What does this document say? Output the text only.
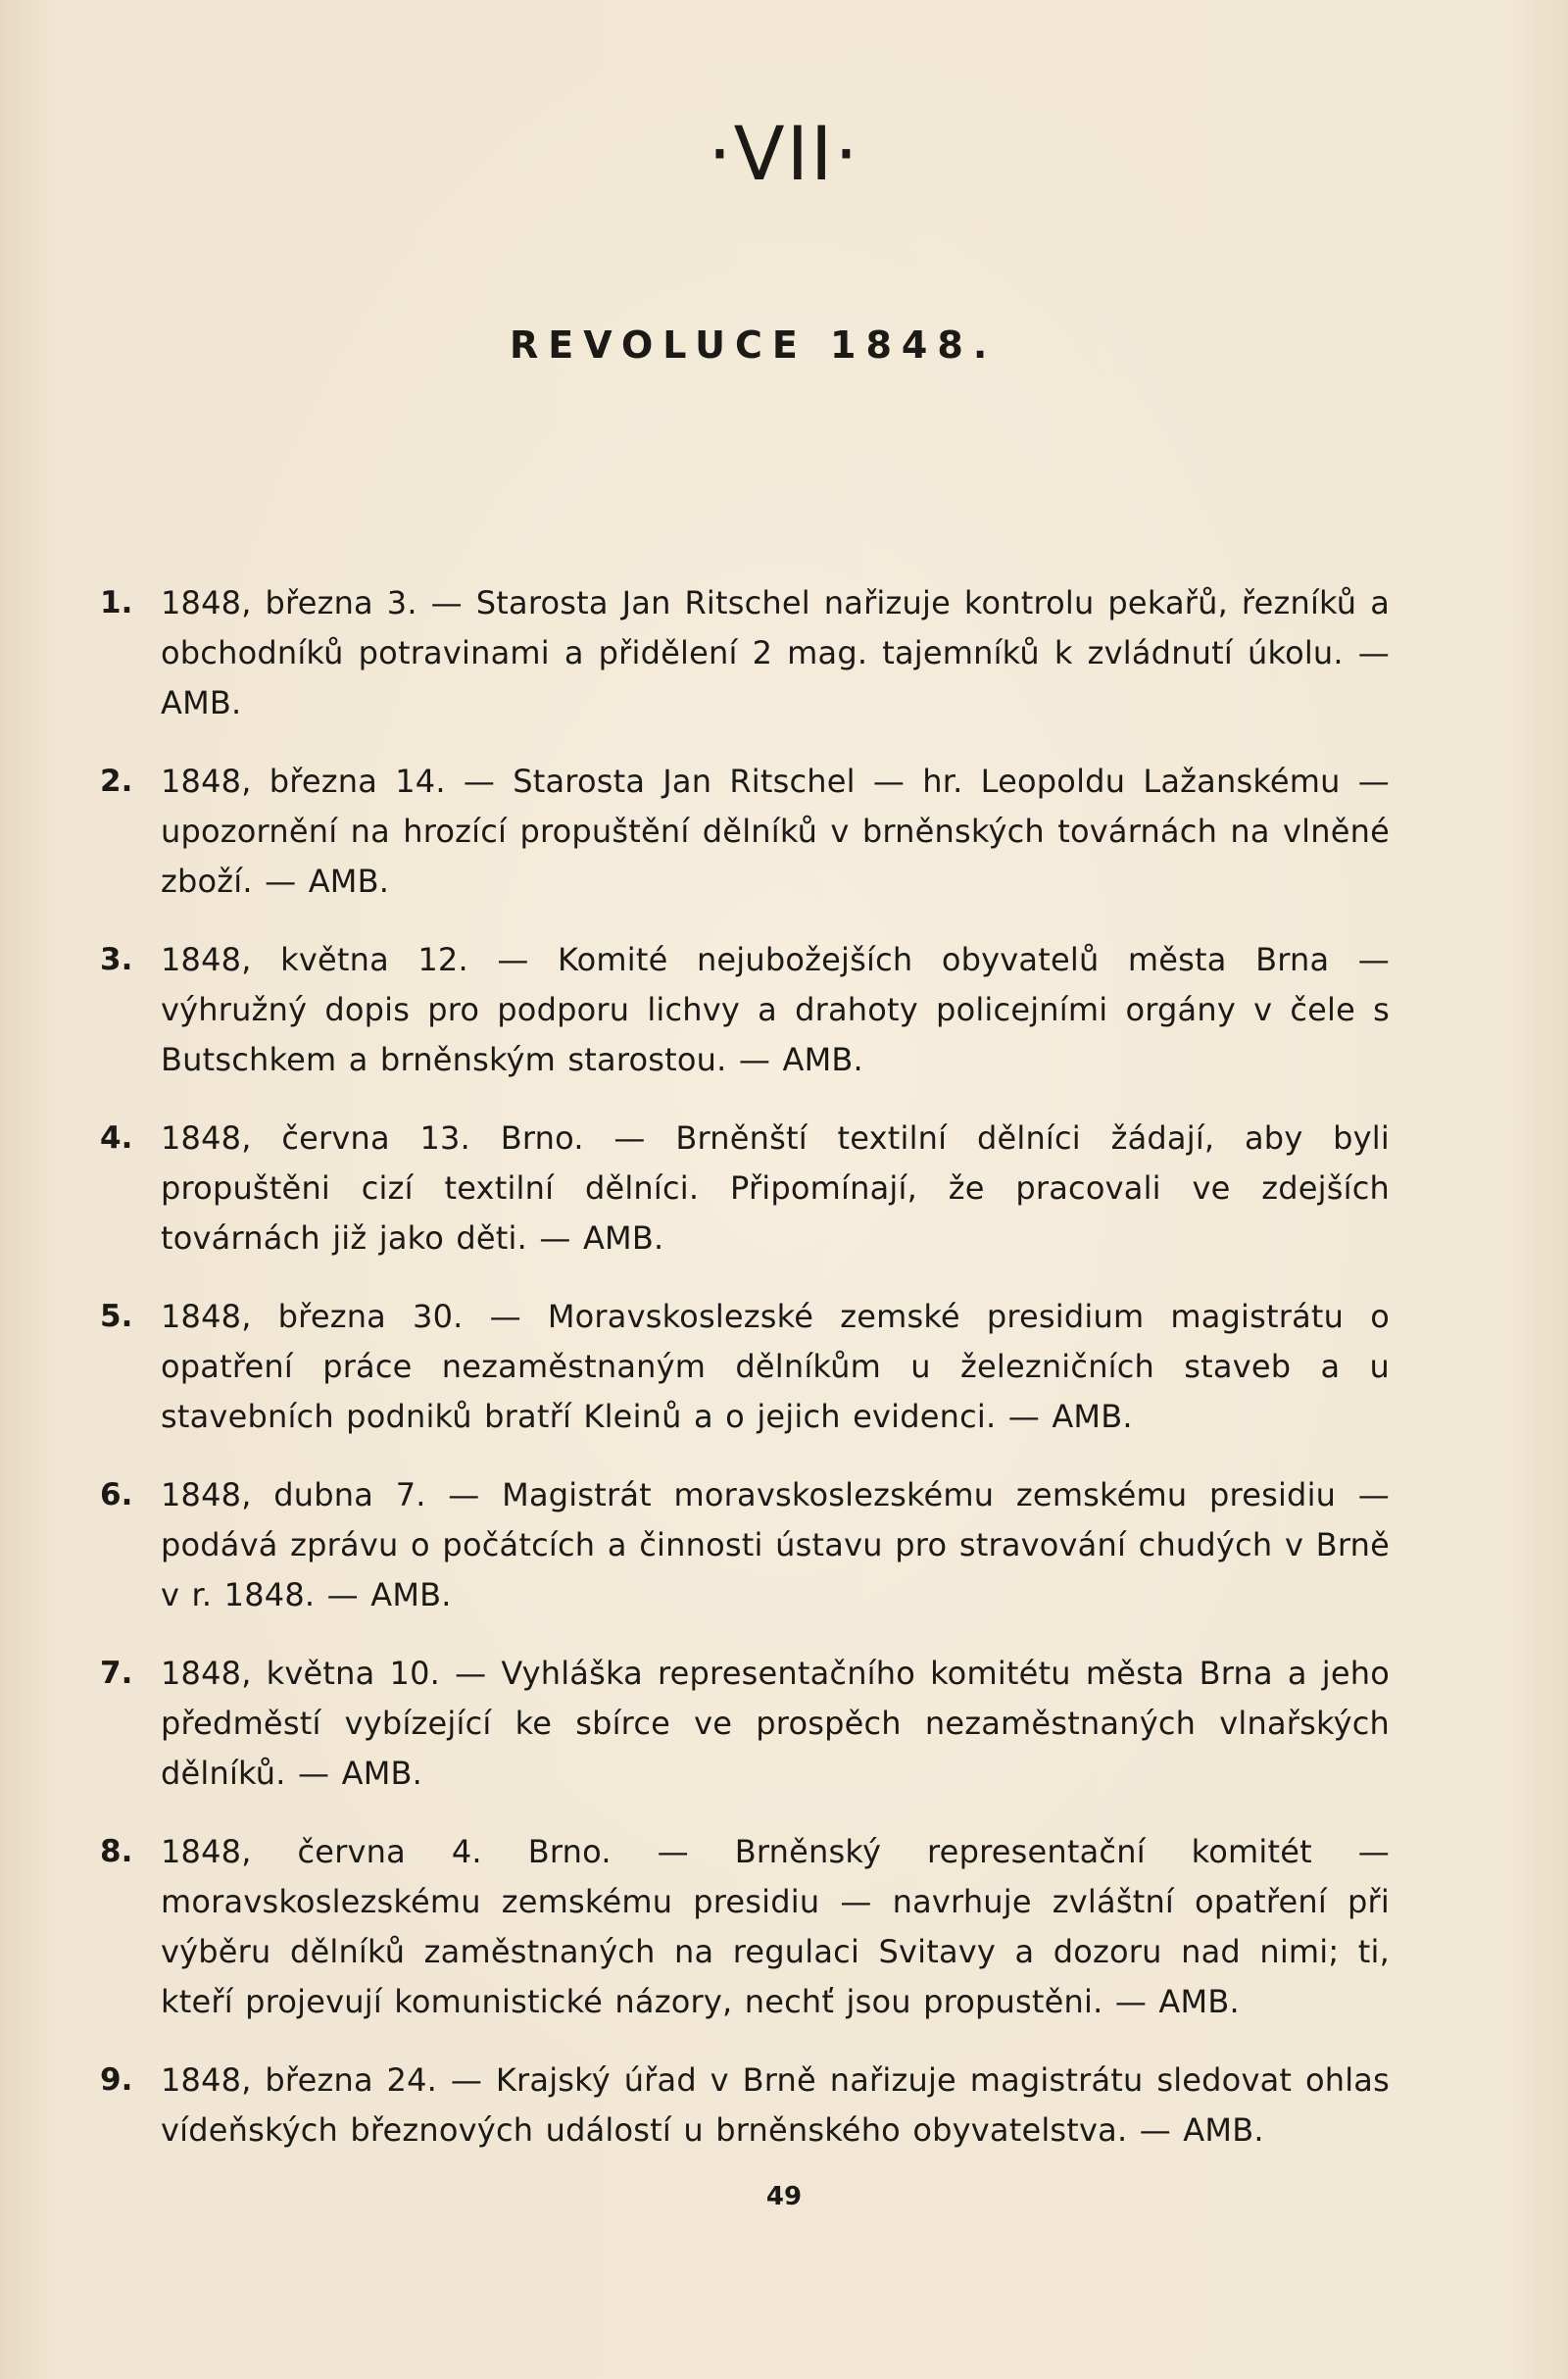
·VII·
REVOLUCE 1848.
1. 1848, března 3. — Starosta Jan Ritschel nařizuje kontrolu pekařů, řezníků a obchodníků potravinami a přidělení 2 mag. tajemníků k zvládnutí úkolu. — AMB.
2. 1848, března 14. — Starosta Jan Ritschel — hr. Leopoldu Lažanskému — upozornění na hrozící propuštění dělníků v brněnských továrnách na vlněné zboží. — AMB.
3. 1848, května 12. — Komité nejubožejších obyvatelů města Brna — výhružný dopis pro podporu lichvy a drahoty policejními orgány v čele s Butschkem a brněnským starostou. — AMB.
4. 1848, června 13. Brno. — Brněnští textilní dělníci žádají, aby byli propuštěni cizí textilní dělníci. Připomínají, že pracovali ve zdejších továrnách již jako děti. — AMB.
5. 1848, března 30. — Moravskoslezské zemské presidium magistrátu o opatření práce nezaměstnaným dělníkům u železničních staveb a u stavebních podniků bratří Kleinů a o jejich evidenci. — AMB.
6. 1848, dubna 7. — Magistrát moravskoslezskému zemskému presidiu — podává zprávu o počátcích a činnosti ústavu pro stravování chudých v Brně v r. 1848. — AMB.
7. 1848, května 10. — Vyhláška representačního komitétu města Brna a jeho předměstí vybízející ke sbírce ve prospěch nezaměstnaných vlnařských dělníků. — AMB.
8. 1848, června 4. Brno. — Brněnský representační komitét — moravskoslezskému zemskému presidiu — navrhuje zvláštní opatření při výběru dělníků zaměstnaných na regulaci Svitavy a dozoru nad nimi; ti, kteří projevují komunistické názory, nechť jsou propustěni. — AMB.
9. 1848, března 24. — Krajský úřad v Brně nařizuje magistrátu sledovat ohlas vídeňských březnových událostí u brněnského obyvatelstva. — AMB.
49
